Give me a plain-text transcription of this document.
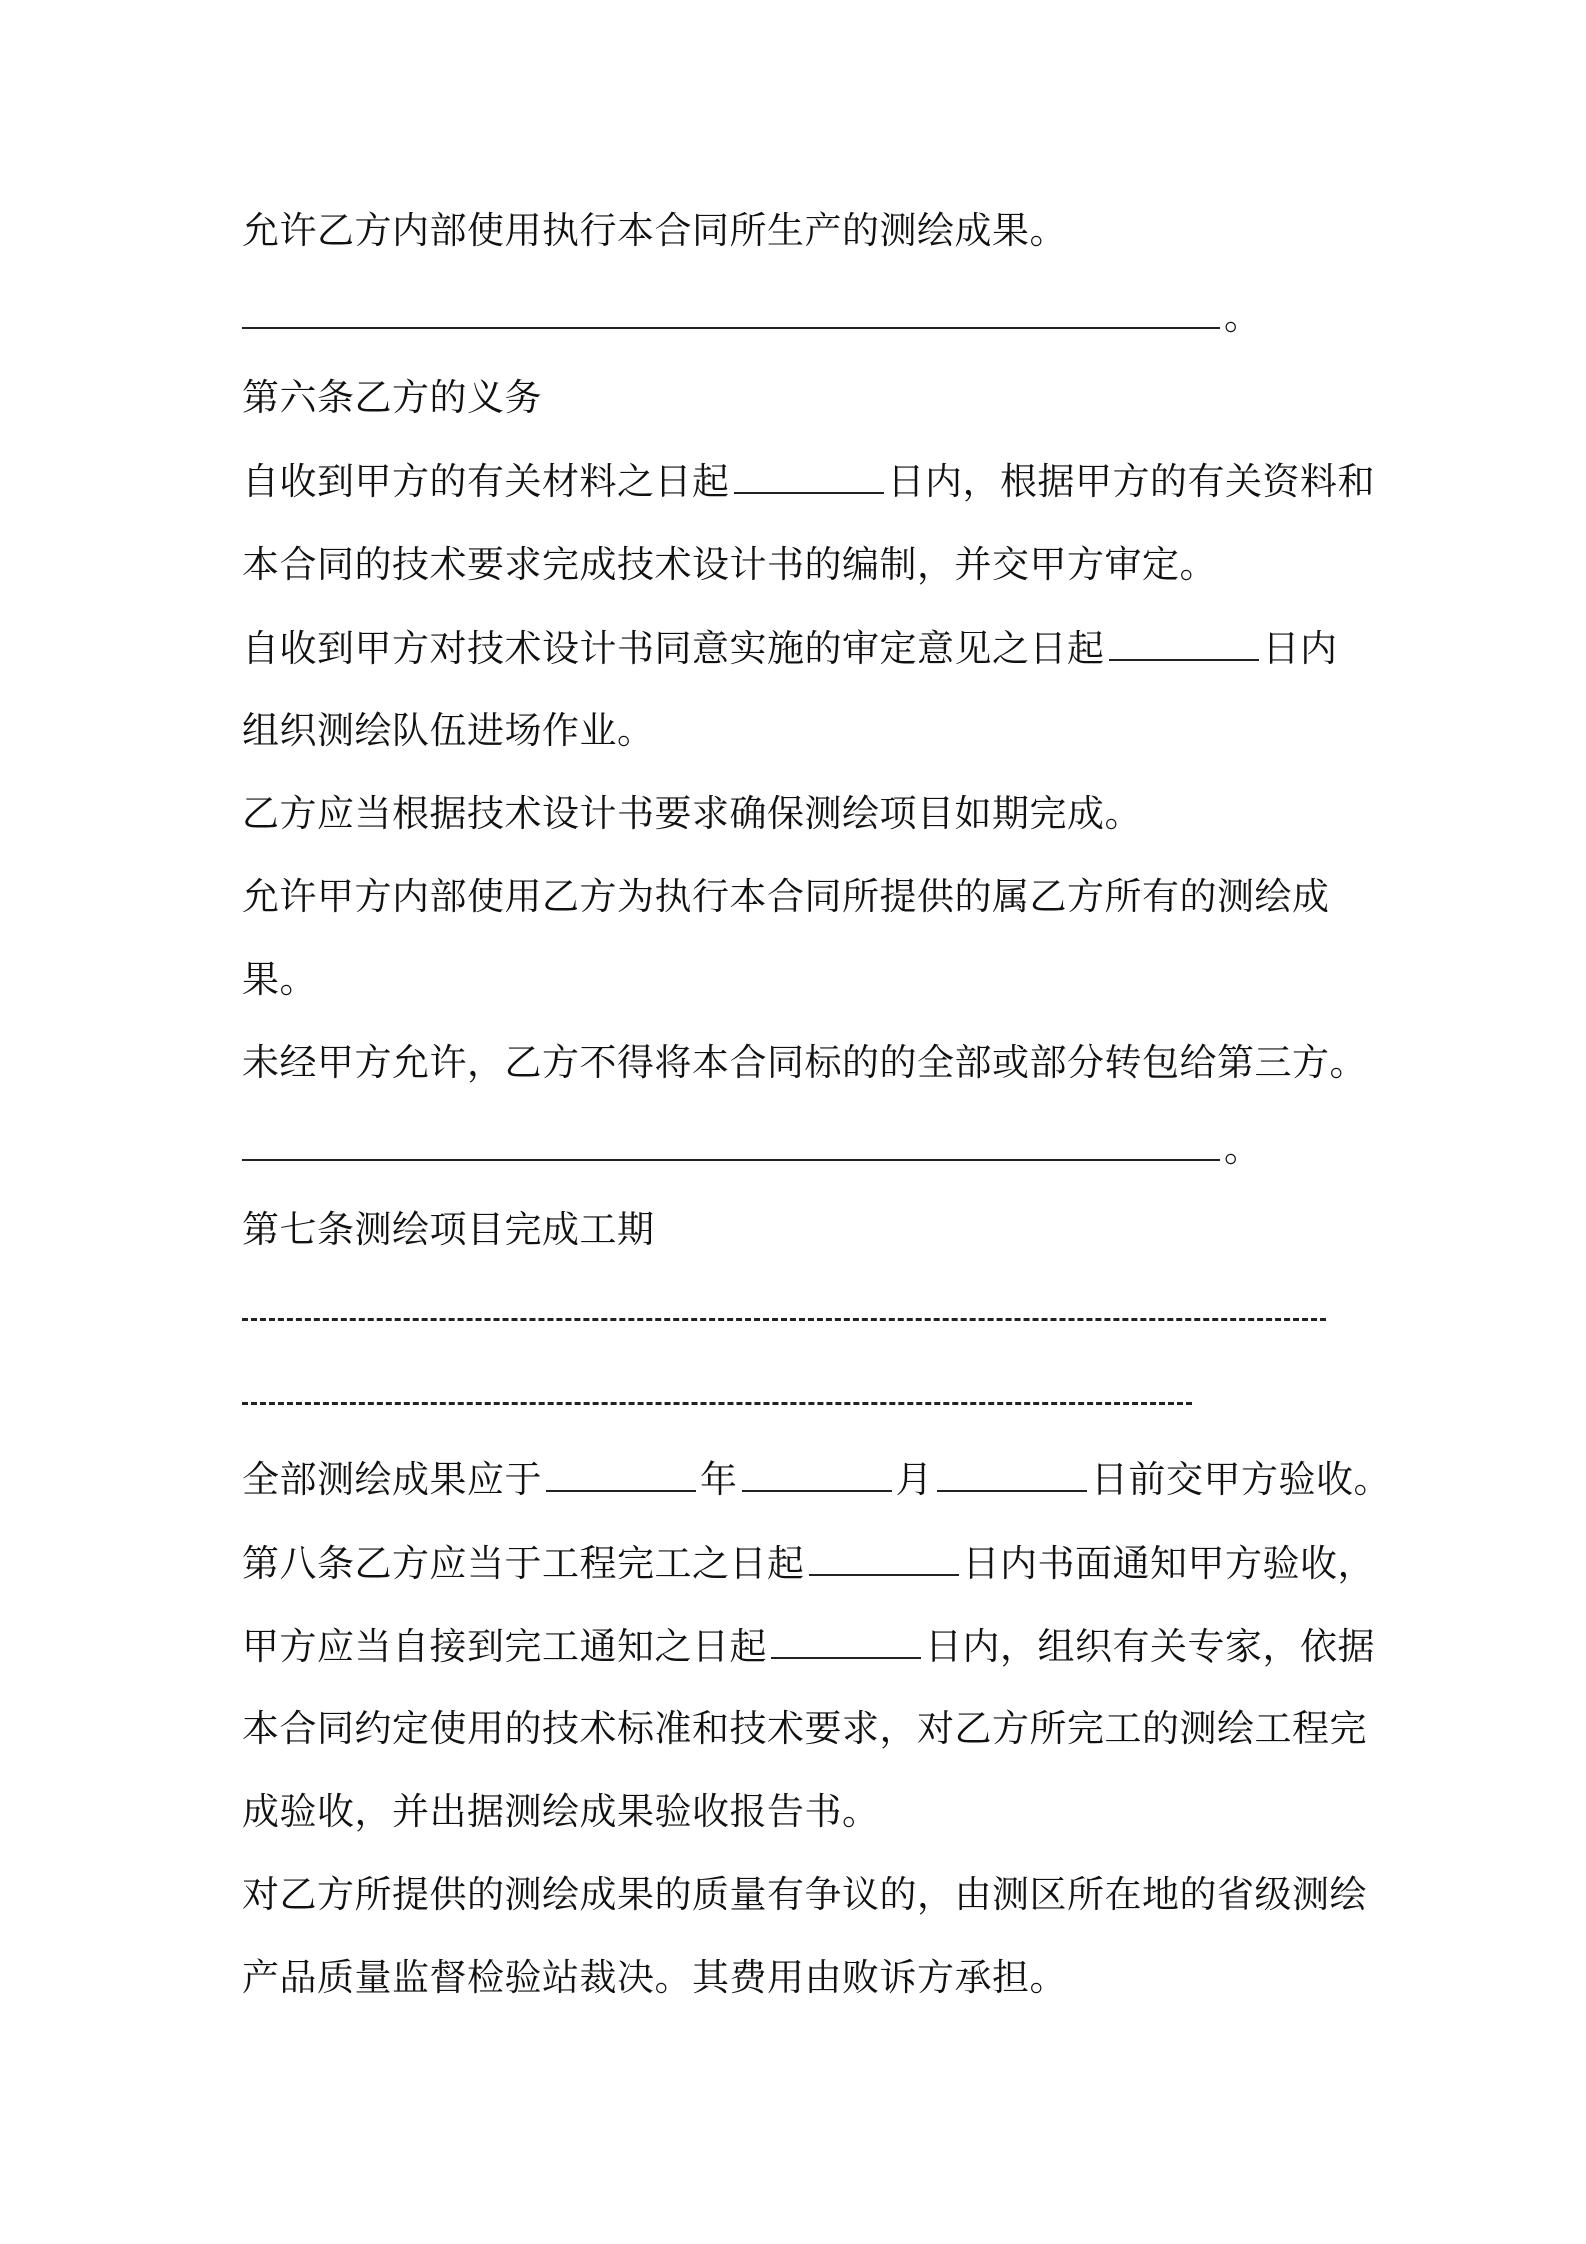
允许乙方内部使用执行本合同所生产的测绘成果。
。
第六条乙方的义务
自收到甲方的有关材料之日起	日内，根据甲方的有关资料和
本合同的技术要求完成技术设计书的编制，并交甲方审定。
自收到甲方对技术设计书同意实施的审定意见之日起	日内
组织测绘队伍进场作业。
乙方应当根据技术设计书要求确保测绘项目如期完成。
允许甲方内部使用乙方为执行本合同所提供的属乙方所有的测绘成
果。
未经甲方允许，乙方不得将本合同标的的全部或部分转包给第三方。
。
第七条测绘项目完成工期
全部测绘成果应于	年	月	日前交甲方验收。
第八条乙方应当于工程完工之日起	日内书面通知甲方验收，
甲方应当自接到完工通知之日起	日内，组织有关专家，依据
本合同约定使用的技术标准和技术要求，对乙方所完工的测绘工程完
成验收，并出据测绘成果验收报告书。
对乙方所提供的测绘成果的质量有争议的，由测区所在地的省级测绘
产品质量监督检验站裁决。其费用由败诉方承担。
